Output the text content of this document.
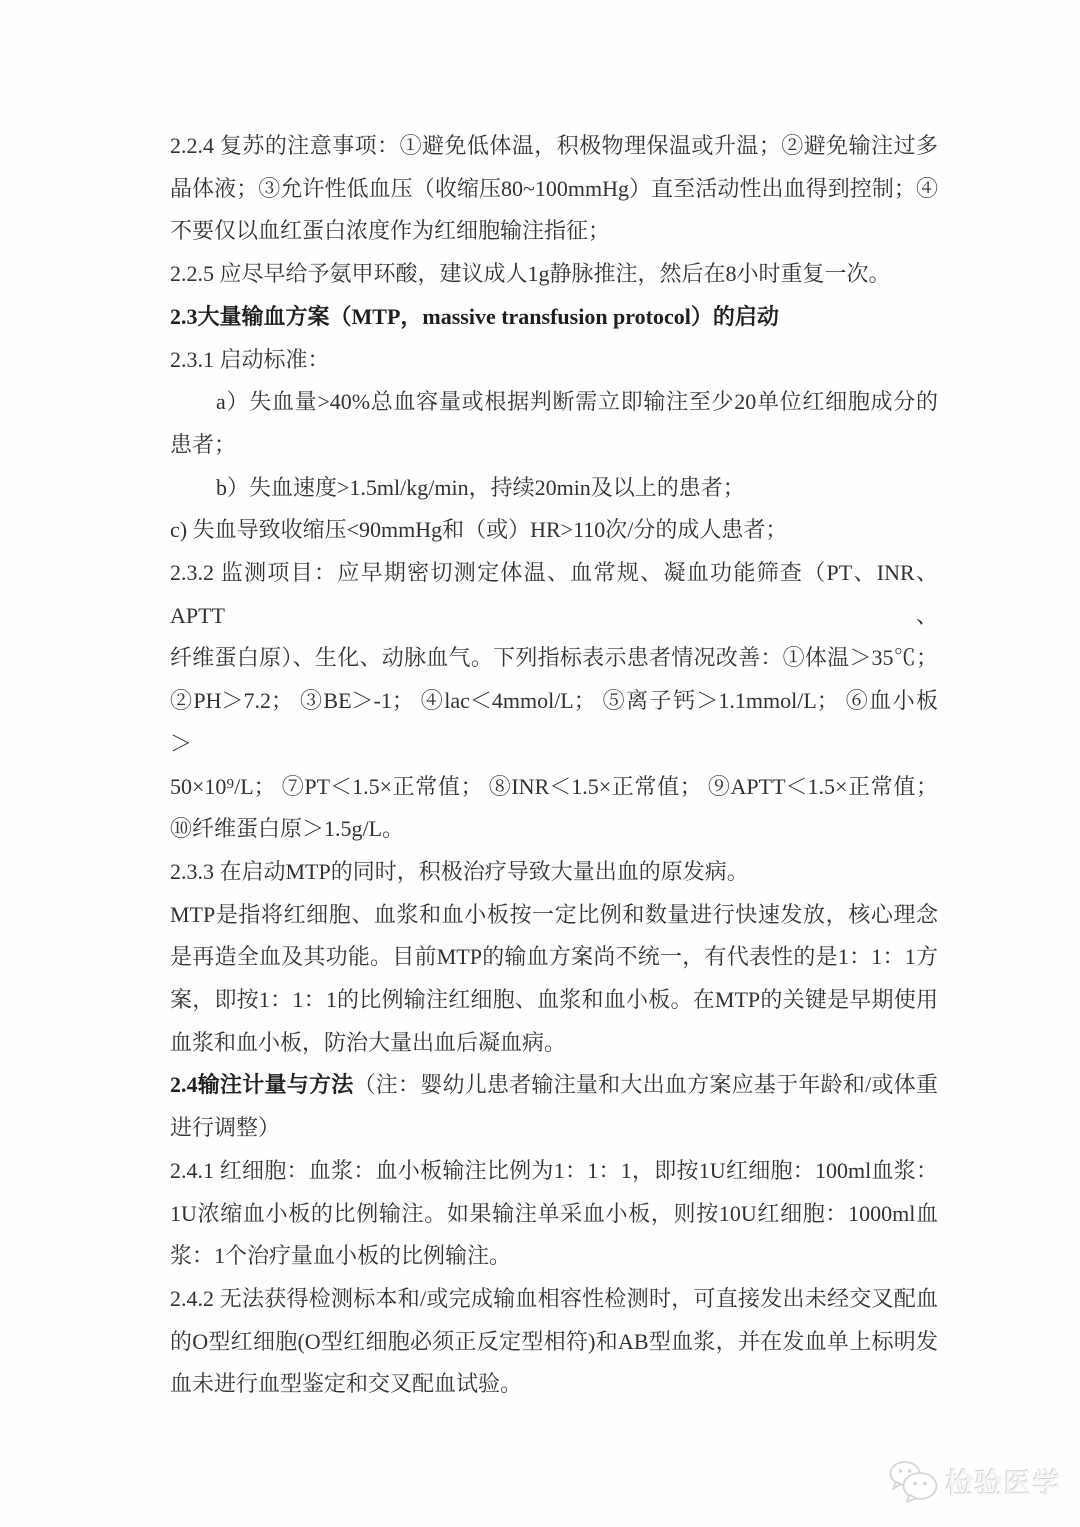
2.2.4 复苏的注意事项：①避免低体温，积极物理保温或升温；②避免输注过多
晶体液；③允许性低血压（收缩压80~100mmHg）直至活动性出血得到控制；④
不要仅以血红蛋白浓度作为红细胞输注指征；
2.2.5 应尽早给予氨甲环酸，建议成人1g静脉推注，然后在8小时重复一次。
2.3大量输血方案（MTP，massive transfusion protocol）的启动
2.3.1 启动标准：
a）失血量>40%总血容量或根据判断需立即输注至少20单位红细胞成分的
患者；
b）失血速度>1.5ml/kg/min，持续20min及以上的患者；
c) 失血导致收缩压<90mmHg和（或）HR>110次/分的成人患者；
2.3.2 监测项目：应早期密切测定体温、血常规、凝血功能筛查（PT、INR、APTT、
纤维蛋白原）、生化、动脉血气。下列指标表示患者情况改善：①体温＞35℃；
②PH＞7.2； ③BE＞-1； ④lac＜4mmol/L； ⑤离子钙＞1.1mmol/L； ⑥血小板＞
50×10⁹/L； ⑦PT＜1.5×正常值； ⑧INR＜1.5×正常值； ⑨APTT＜1.5×正常值；
⑩纤维蛋白原＞1.5g/L。
2.3.3 在启动MTP的同时，积极治疗导致大量出血的原发病。
MTP是指将红细胞、血浆和血小板按一定比例和数量进行快速发放，核心理念
是再造全血及其功能。目前MTP的输血方案尚不统一，有代表性的是1：1：1方
案，即按1：1：1的比例输注红细胞、血浆和血小板。在MTP的关键是早期使用
血浆和血小板，防治大量出血后凝血病。
2.4输注计量与方法（注：婴幼儿患者输注量和大出血方案应基于年龄和/或体重
进行调整）
2.4.1 红细胞：血浆：血小板输注比例为1：1：1，即按1U红细胞：100ml血浆：
1U浓缩血小板的比例输注。如果输注单采血小板，则按10U红细胞：1000ml血
浆：1个治疗量血小板的比例输注。
2.4.2 无法获得检测标本和/或完成输血相容性检测时，可直接发出未经交叉配血
的O型红细胞(O型红细胞必须正反定型相符)和AB型血浆，并在发血单上标明发
血未进行血型鉴定和交叉配血试验。
检验医学
